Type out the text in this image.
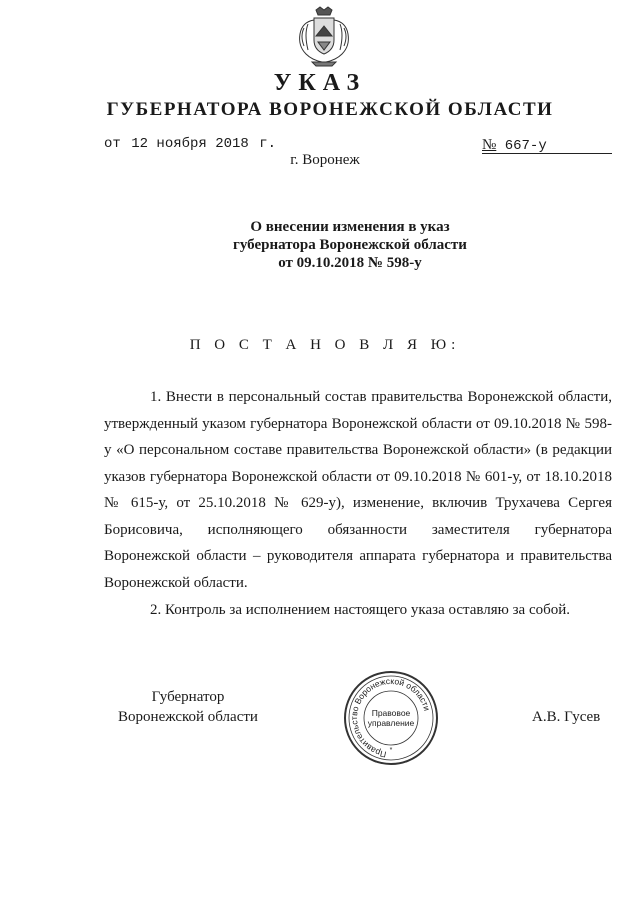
УКАЗ
ГУБЕРНАТОРА ВОРОНЕЖСКОЙ ОБЛАСТИ
от 12 ноября 2018 г.	№ 667-у
г. Воронеж
О внесении изменения в указ
губернатора Воронежской области
от 09.10.2018 № 598-у
П О С Т А Н О В Л Я Ю:

1. Внести в персональный состав правительства Воронежской области, утвержденный указом губернатора Воронежской области от 09.10.2018 № 598-у «О персональном составе правительства Воронежской области» (в редакции указов губернатора Воронежской области от 09.10.2018 № 601-у, от 18.10.2018 № 615-у, от 25.10.2018 № 629-у), изменение, включив Трухачева Сергея Борисовича, исполняющего обязанности заместителя губернатора Воронежской области – руководителя аппарата губернатора и правительства Воронежской области.

2. Контроль за исполнением настоящего указа оставляю за собой.

Губернатор
Воронежской области
Правительство Воронежской области
Правовое
управление
*
А.В. Гусев
